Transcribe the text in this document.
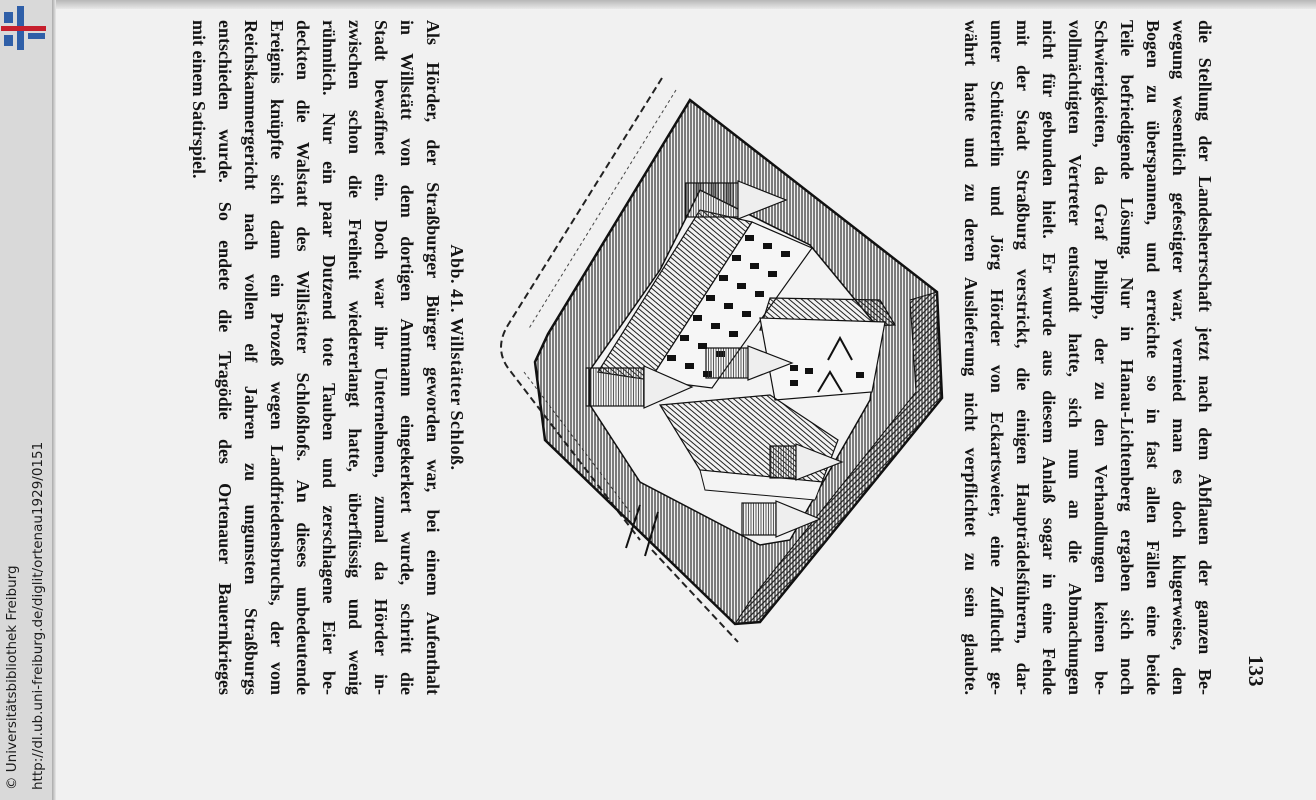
http://dl.ub.uni-freiburg.de/diglit/ortenau1929/0151
© Universitätsbibliothek Freiburg	133
die Stellung der Landesherrschaft jetzt nach dem Abflauen der ganzen Be-
wegung wesentlich gefestigter war, vermied man es doch klugerweise, den
Bogen zu überspannen, und erreichte so in fast allen Fällen eine beide
Teile befriedigende Lösung. Nur in Hanau-Lichtenberg ergaben sich noch
Schwierigkeiten, da Graf Philipp, der zu den Verhandlungen keinen be-
vollmächtigten Vertreter entsandt hatte, sich nun an die Abmachungen
nicht für gebunden hielt. Er wurde aus diesem Anlaß sogar in eine Fehde
mit der Stadt Straßburg verstrickt, die einigen Haupträdelsführern, dar-
unter Schütterlin und Jörg Hörder von Eckartsweier, eine Zuflucht ge-
währt hatte und zu deren Auslieferung nicht verpflichtet zu sein glaubte.
Abb. 41. Willstätter Schloß.
Als Hörder, der Straßburger Bürger geworden war, bei einem Aufenthalt
in Willstätt von dem dortigen Amtmann eingekerkert wurde, schritt die
Stadt bewaffnet ein. Doch war ihr Unternehmen, zumal da Hörder in-
zwischen schon die Freiheit wiedererlangt hatte, überflüssig und wenig
rühmlich. Nur ein paar Dutzend tote Tauben und zerschlagene Eier be-
deckten die Walstatt des Willstätter Schloßhofs. An dieses unbedeutende
Ereignis knüpfte sich dann ein Prozeß wegen Landfriedensbruchs, der vom
Reichskammergericht nach vollen elf Jahren zu ungunsten Straßburgs
entschieden wurde. So endete die Tragödie des Ortenauer Bauernkrieges
mit einem Satirspiel.
